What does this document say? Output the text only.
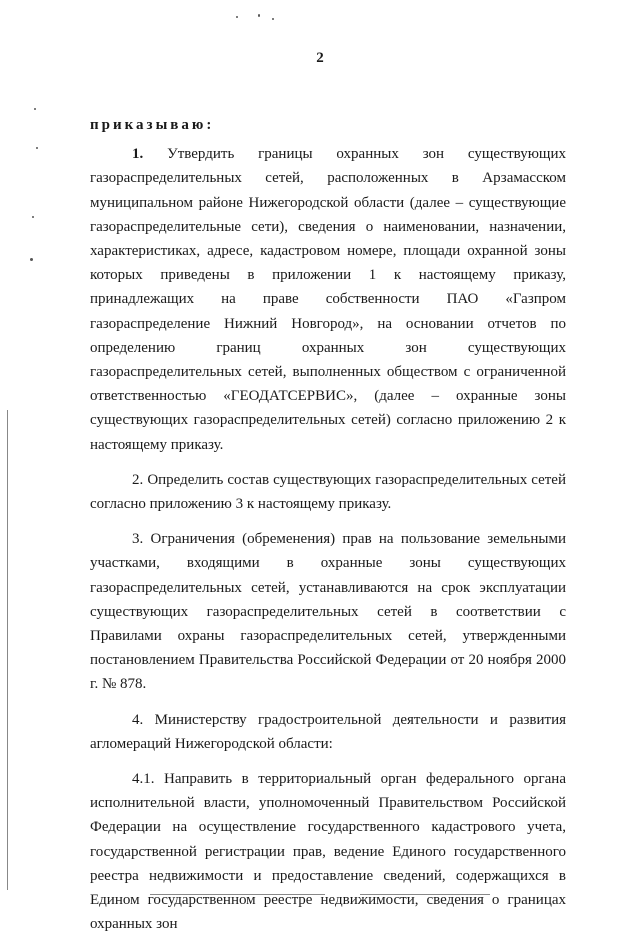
2
приказываю:

1. Утвердить границы охранных зон существующих газораспределительных сетей, расположенных в Арзамасском муниципальном районе Нижегородской области (далее – существующие газораспределительные сети), сведения о наименовании, назначении, характеристиках, адресе, кадастровом номере, площади охранной зоны которых приведены в приложении 1 к настоящему приказу, принадлежащих на праве собственности ПАО «Газпром газораспределение Нижний Новгород», на основании отчетов по определению границ охранных зон существующих газораспределительных сетей, выполненных обществом с ограниченной ответственностью «ГЕОДАТСЕРВИС», (далее – охранные зоны существующих газораспределительных сетей) согласно приложению 2 к настоящему приказу.

2. Определить состав существующих газораспределительных сетей согласно приложению 3 к настоящему приказу.

3. Ограничения (обременения) прав на пользование земельными участками, входящими в охранные зоны существующих газораспределительных сетей, устанавливаются на срок эксплуатации существующих газораспределительных сетей в соответствии с Правилами охраны газораспределительных сетей, утвержденными постановлением Правительства Российской Федерации от 20 ноября 2000 г. № 878.

4. Министерству градостроительной деятельности и развития агломераций Нижегородской области:

4.1. Направить в территориальный орган федерального органа исполнительной власти, уполномоченный Правительством Российской Федерации на осуществление государственного кадастрового учета, государственной регистрации прав, ведение Единого государственного реестра недвижимости и предоставление сведений, содержащихся в Едином государственном реестре недвижимости, сведения о границах охранных зон
